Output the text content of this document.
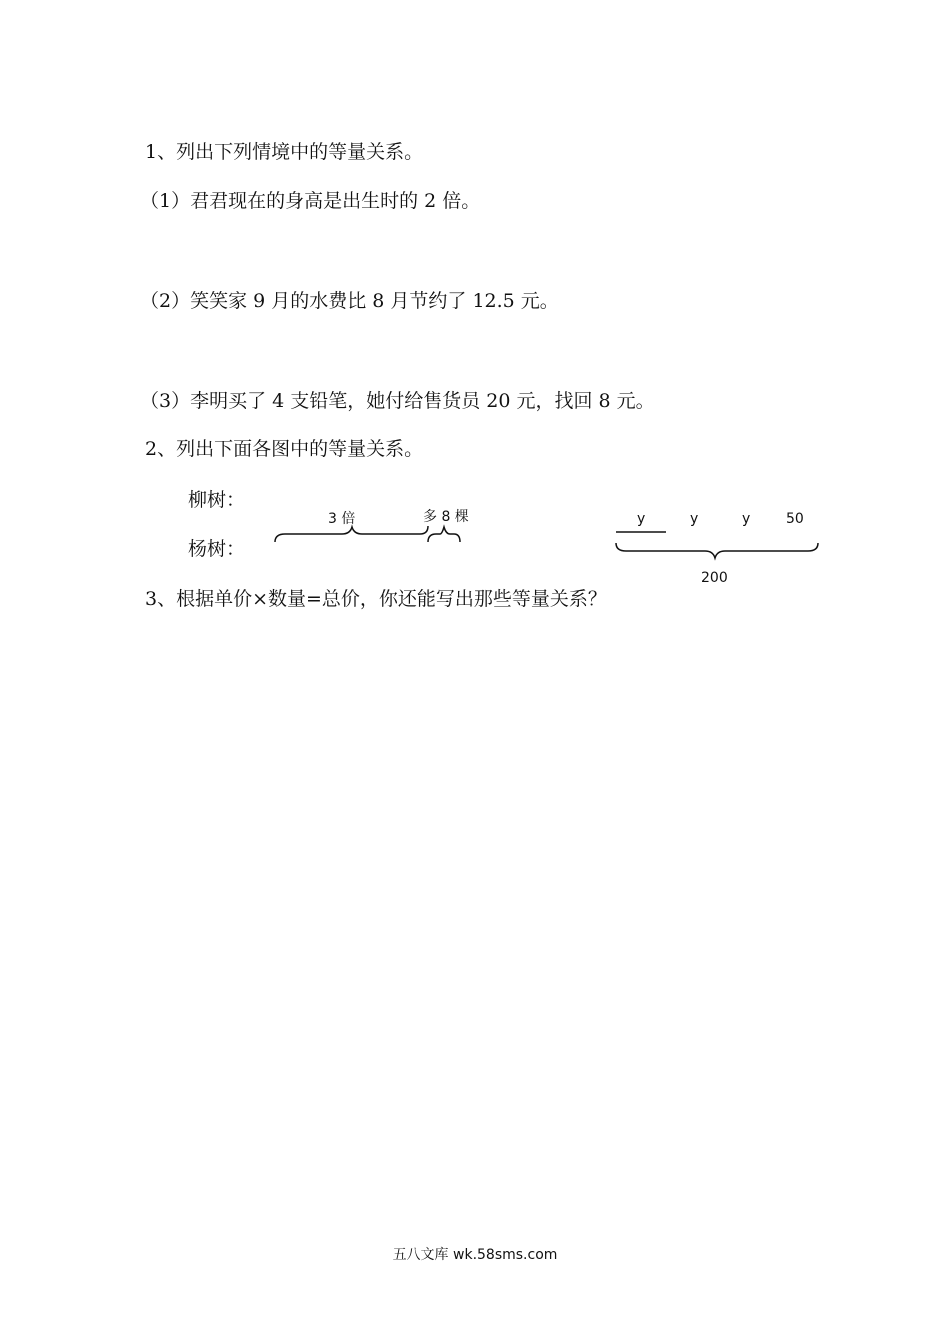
1、列出下列情境中的等量关系。
（1）君君现在的身高是出生时的 2 倍。
（2）笑笑家 9 月的水费比 8 月节约了 12.5 元。
（3）李明买了 4 支铅笔，她付给售货员 20 元，找回 8 元。
2、列出下面各图中的等量关系。
柳树：
杨树：
3 倍	多 8 棵	y	y	y	50
200
3、根据单价×数量=总价，你还能写出那些等量关系？
五八文库 wk.58sms.com
